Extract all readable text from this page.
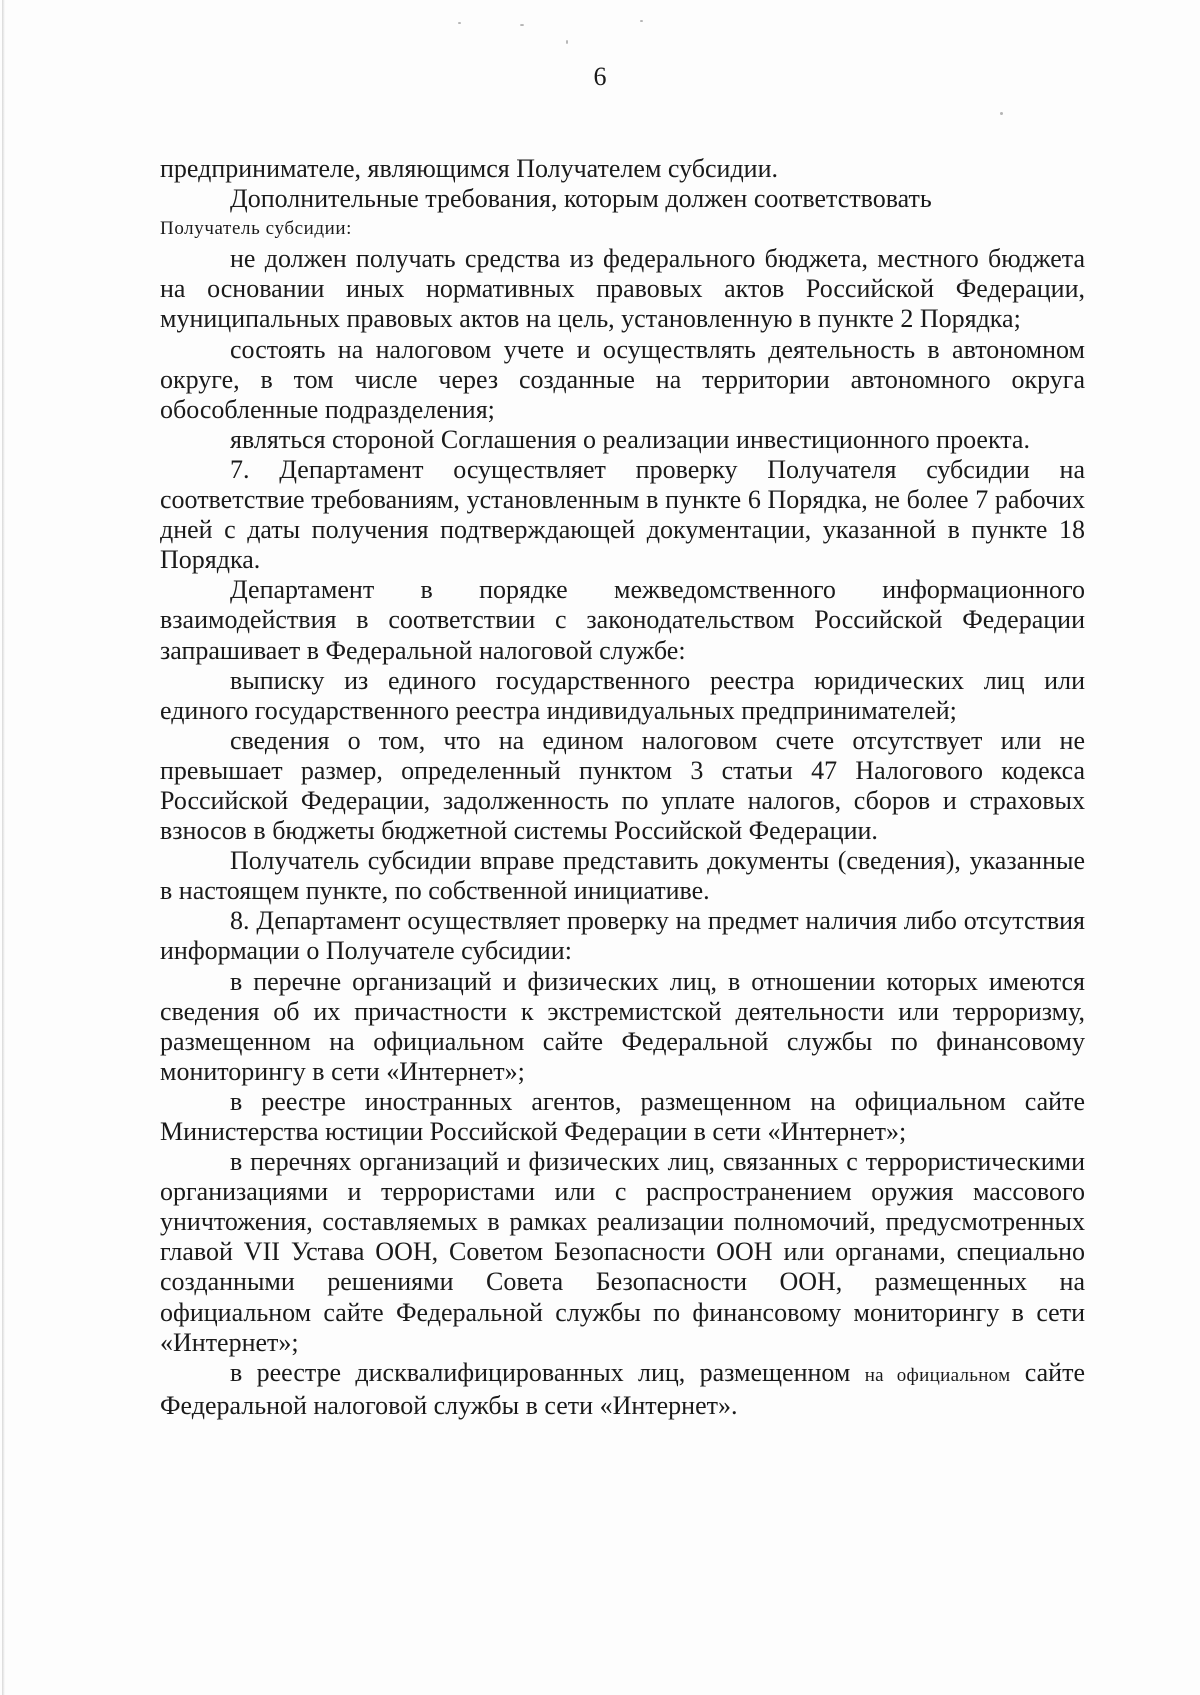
6

предпринимателе, являющимся Получателем субсидии.

Дополнительные требования, которым должен соответствовать

Получатель субсидии:

не должен получать средства из федерального бюджета, местного бюджета на основании иных нормативных правовых актов Российской Федерации, муниципальных правовых актов на цель, установленную в пункте 2 Порядка;

состоять на налоговом учете и осуществлять деятельность в автономном округе, в том числе через созданные на территории автономного округа обособленные подразделения;

являться стороной Соглашения о реализации инвестиционного проекта.

7. Департамент осуществляет проверку Получателя субсидии на соответствие требованиям, установленным в пункте 6 Порядка, не более 7 рабочих дней с даты получения подтверждающей документации, указанной в пункте 18 Порядка.

Департамент в порядке межведомственного информационного взаимодействия в соответствии с законодательством Российской Федерации запрашивает в Федеральной налоговой службе:

выписку из единого государственного реестра юридических лиц или единого государственного реестра индивидуальных предпринимателей;

сведения о том, что на едином налоговом счете отсутствует или не превышает размер, определенный пунктом 3 статьи 47 Налогового кодекса Российской Федерации, задолженность по уплате налогов, сборов и страховых взносов в бюджеты бюджетной системы Российской Федерации.

Получатель субсидии вправе представить документы (сведения), указанные в настоящем пункте, по собственной инициативе.

8. Департамент осуществляет проверку на предмет наличия либо отсутствия информации о Получателе субсидии:

в перечне организаций и физических лиц, в отношении которых имеются сведения об их причастности к экстремистской деятельности или терроризму, размещенном на официальном сайте Федеральной службы по финансовому мониторингу в сети «Интернет»;

в реестре иностранных агентов, размещенном на официальном сайте Министерства юстиции Российской Федерации в сети «Интернет»;

в перечнях организаций и физических лиц, связанных с террористическими организациями и террористами или с распространением оружия массового уничтожения, составляемых в рамках реализации полномочий, предусмотренных главой VII Устава ООН, Советом Безопасности ООН или органами, специально созданными решениями Совета Безопасности ООН, размещенных на официальном сайте Федеральной службы по финансовому мониторингу в сети «Интернет»;

в реестре дисквалифицированных лиц, размещенном на официальном сайте Федеральной налоговой службы в сети «Интернет».
